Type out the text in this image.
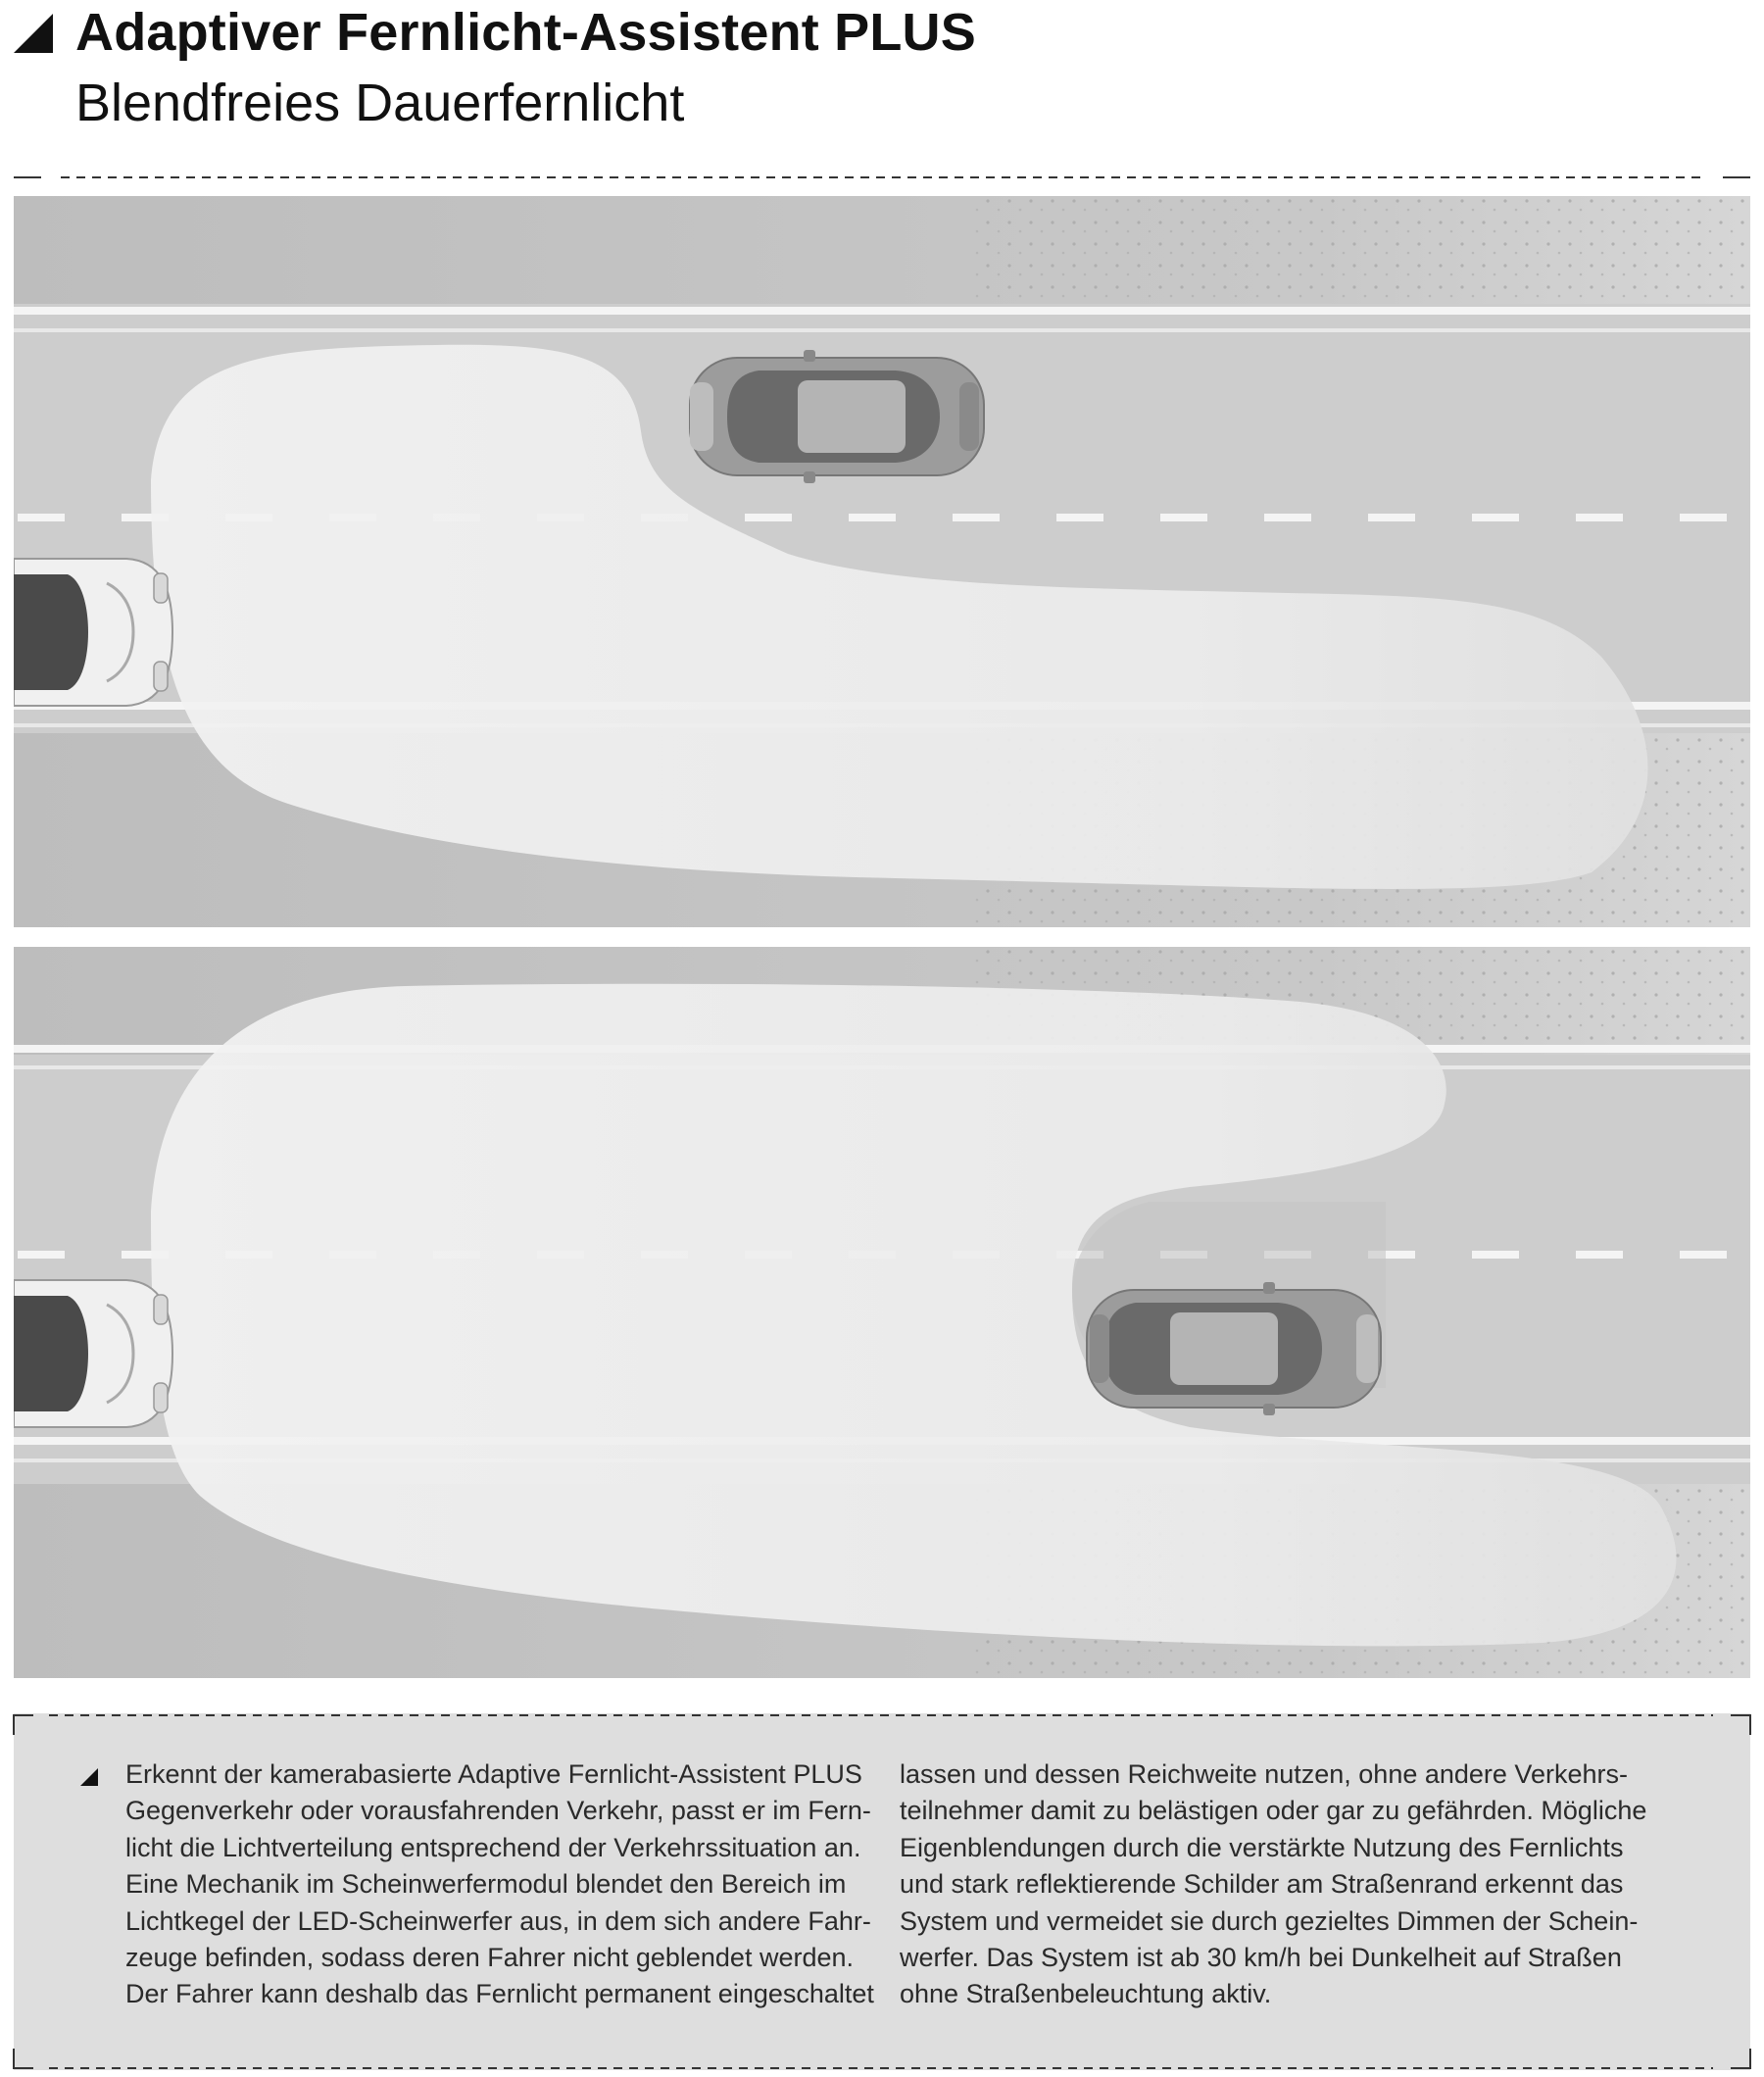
Adaptiver Fernlicht-Assistent PLUS
Blendfreies Dauerfernlicht
Erkennt der kamerabasierte Adaptive Fernlicht-Assistent PLUS
Gegenverkehr oder vorausfahrenden Verkehr, passt er im Fern-
licht die Lichtverteilung entsprechend der Verkehrssituation an.
Eine Mechanik im Scheinwerfermodul blendet den Bereich im
Lichtkegel der LED-Scheinwerfer aus, in dem sich andere Fahr-
zeuge befinden, sodass deren Fahrer nicht geblendet werden.
Der Fahrer kann deshalb das Fernlicht permanent eingeschaltet
lassen und dessen Reichweite nutzen, ohne andere Verkehrs-
teilnehmer damit zu belästigen oder gar zu gefährden. Mögliche
Eigenblendungen durch die verstärkte Nutzung des Fernlichts
und stark reflektierende Schilder am Straßenrand erkennt das
System und vermeidet sie durch gezieltes Dimmen der Schein-
werfer. Das System ist ab 30 km/h bei Dunkelheit auf Straßen
ohne Straßenbeleuchtung aktiv.
